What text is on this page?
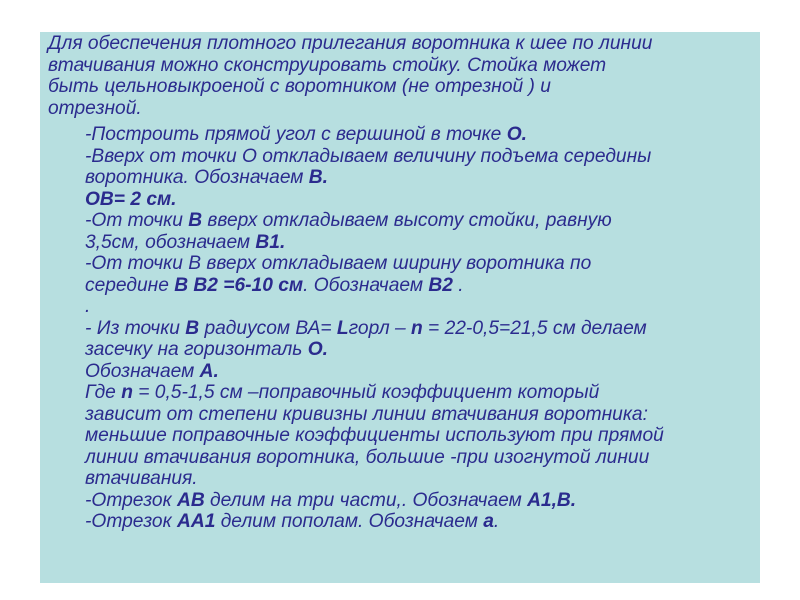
Для обеспечения плотного прилегания воротника к шее по линии
втачивания можно сконструировать стойку. Стойка может
быть цельновыкроеной с воротником (не отрезной ) и
отрезной.

-Построить прямой угол с вершиной в точке О.
-Вверх от точки О откладываем величину подъема середины
воротника. Обозначаем В.
ОВ= 2 см.
-От точки В вверх откладываем высоту стойки, равную
3,5см, обозначаем В1.
-От точки В вверх откладываем ширину воротника по
середине В В2 =6-10 см. Обозначаем В2 .
.
- Из точки В радиусом ВА= Lгорл – n = 22-0,5=21,5 см делаем
засечку на горизонталь О.
Обозначаем А.
Где n = 0,5-1,5 см –поправочный коэффициент который
зависит от степени кривизны линии втачивания воротника:
меньшие поправочные коэффициенты используют при прямой
линии втачивания воротника, большие -при изогнутой линии
втачивания.
-Отрезок АВ делим на три части,. Обозначаем А1,В.
-Отрезок АА1 делим пополам. Обозначаем а.
